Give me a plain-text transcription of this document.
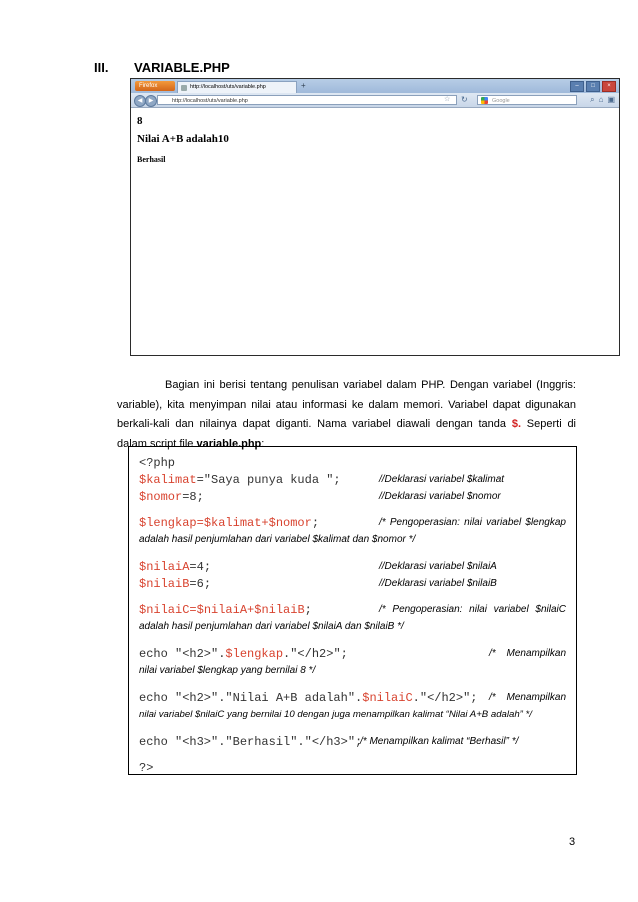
III. VARIABLE.PHP
Firefox	http://localhost/uts/variable.php	+	–	□	×
◀	▶	http://localhost/uts/variable.php	☆ ↻	Google	⌕ ⌂ ▣
8
Nilai A+B adalah10
Berhasil
Bagian ini berisi tentang penulisan variabel dalam PHP. Dengan variabel (Inggris: variable), kita menyimpan nilai atau informasi ke dalam memori. Variabel dapat digunakan berkali-kali dan nilainya dapat diganti. Nama variabel diawali dengan tanda $. Seperti di dalam script file variable.php:
<?php
$kalimat="Saya punya kuda ";	//Deklarasi variabel $kalimat
$nomor=8;	//Deklarasi variabel $nomor
$lengkap=$kalimat+$nomor;	/* Pengoperasian: nilai variabel $lengkap
adalah hasil penjumlahan dari variabel $kalimat dan $nomor */
$nilaiA=4;	//Deklarasi variabel $nilaiA
$nilaiB=6;	//Deklarasi variabel $nilaiB
$nilaiC=$nilaiA+$nilaiB;	/* Pengoperasian: nilai variabel $nilaiC
adalah hasil penjumlahan dari variabel $nilaiA dan $nilaiB */
echo "<h2>".$lengkap."</h2>";	/* Menampilkan
nilai variabel $lengkap yang bernilai 8 */
echo "<h2>"."Nilai A+B adalah".$nilaiC."</h2>"; /* Menampilkan
nilai variabel $nilaiC yang bernilai 10 dengan juga menampilkan kalimat “Nilai A+B adalah” */
echo "<h3>"."Berhasil"."</h3>";
/* Menampilkan kalimat “Berhasil” */
?>
3
